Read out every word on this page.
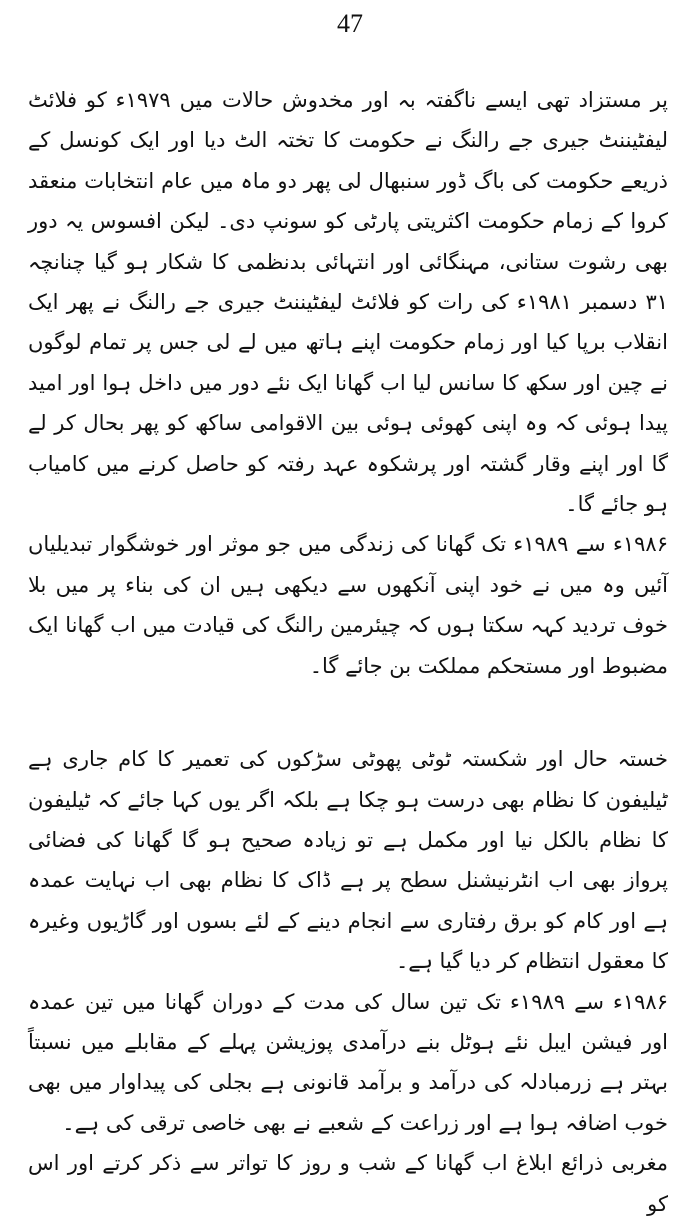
47

پر مستزاد تھی ایسے ناگفتہ بہ اور مخدوش حالات میں ۱۹۷۹ء کو فلائٹ لیفٹیننٹ جیری جے رالنگ نے حکومت کا تختہ الٹ دیا اور ایک کونسل کے ذریعے حکومت کی باگ ڈور سنبھال لی پھر دو ماہ میں عام انتخابات منعقد کروا کے زمام حکومت اکثریتی پارٹی کو سونپ دی۔ لیکن افسوس یہ دور بھی رشوت ستانی، مہنگائی اور انتہائی بدنظمی کا شکار ہو گیا چنانچہ ۳۱ دسمبر ۱۹۸۱ء کی رات کو فلائٹ لیفٹیننٹ جیری جے رالنگ نے پھر ایک انقلاب برپا کیا اور زمام حکومت اپنے ہاتھ میں لے لی جس پر تمام لوگوں نے چین اور سکھ کا سانس لیا اب گھانا ایک نئے دور میں داخل ہوا اور امید پیدا ہوئی کہ وہ اپنی کھوئی ہوئی بین الاقوامی ساکھ کو پھر بحال کر لے گا اور اپنے وقار گشتہ اور پرشکوہ عہد رفتہ کو حاصل کرنے میں کامیاب ہو جائے گا۔

۱۹۸۶ء سے ۱۹۸۹ء تک گھانا کی زندگی میں جو موثر اور خوشگوار تبدیلیاں آئیں وہ میں نے خود اپنی آنکھوں سے دیکھی ہیں ان کی بناء پر میں بلا خوف تردید کہہ سکتا ہوں کہ چیئرمین رالنگ کی قیادت میں اب گھانا ایک مضبوط اور مستحکم مملکت بن جائے گا۔

خستہ حال اور شکستہ ٹوٹی پھوٹی سڑکوں کی تعمیر کا کام جاری ہے ٹیلیفون کا نظام بھی درست ہو چکا ہے بلکہ اگر یوں کہا جائے کہ ٹیلیفون کا نظام بالکل نیا اور مکمل ہے تو زیادہ صحیح ہو گا گھانا کی فضائی پرواز بھی اب انٹرنیشنل سطح پر ہے ڈاک کا نظام بھی اب نہایت عمدہ ہے اور کام کو برق رفتاری سے انجام دینے کے لئے بسوں اور گاڑیوں وغیرہ کا معقول انتظام کر دیا گیا ہے۔

۱۹۸۶ء سے ۱۹۸۹ء تک تین سال کی مدت کے دوران گھانا میں تین عمدہ اور فیشن ایبل نئے ہوٹل بنے درآمدی پوزیشن پہلے کے مقابلے میں نسبتاً بہتر ہے زرمبادلہ کی درآمد و برآمد قانونی ہے بجلی کی پیداوار میں بھی خوب اضافہ ہوا ہے اور زراعت کے شعبے نے بھی خاصی ترقی کی ہے۔

مغربی ذرائع ابلاغ اب گھانا کے شب و روز کا تواتر سے ذکر کرتے اور اس کو
